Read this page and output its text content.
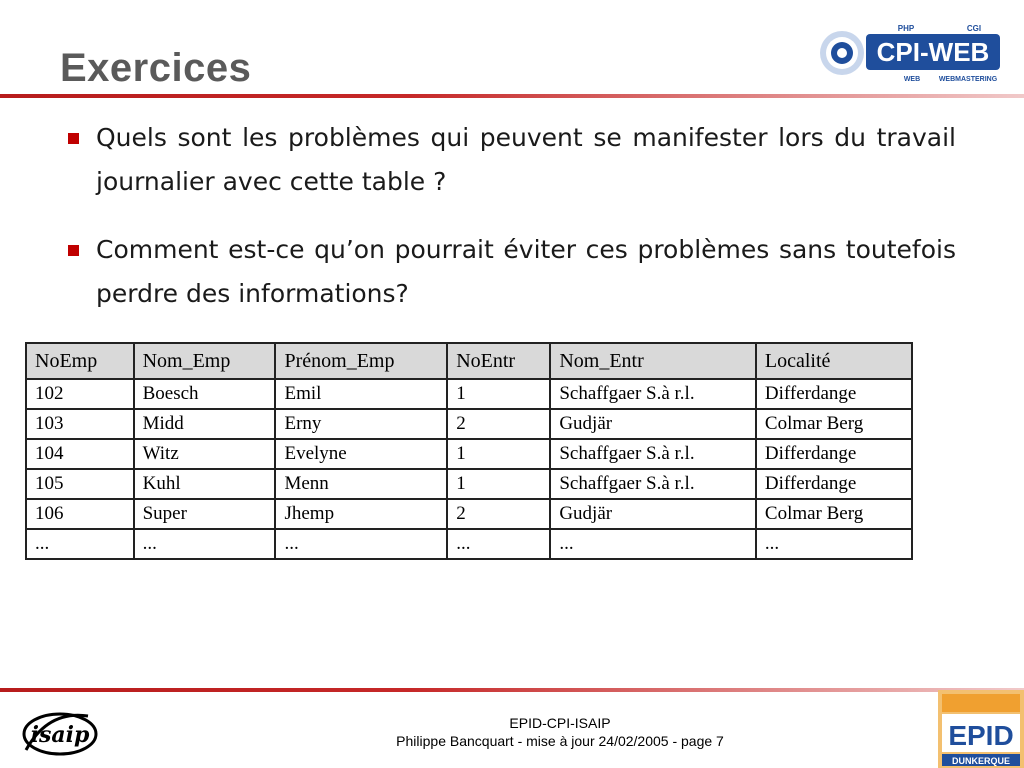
Exercices	CPI-WEB
PHP	CGI
WEB	WEBMASTERING
Quels sont les problèmes qui peuvent se manifester lors du travail journalier avec cette table ?
Comment est-ce qu’on pourrait éviter ces problèmes sans toutefois perdre des informations?
NoEmp	Nom_Emp	Prénom_Emp	NoEntr	Nom_Entr	Localité
102	Boesch	Emil	1	Schaffgaer S.à r.l.	Differdange
103	Midd	Erny	2	Gudjär	Colmar Berg
104	Witz	Evelyne	1	Schaffgaer S.à r.l.	Differdange
105	Kuhl	Menn	1	Schaffgaer S.à r.l.	Differdange
106	Super	Jhemp	2	Gudjär	Colmar Berg
...	...	...	...	...	...
isaip	EPID-CPI-ISAIP
Philippe Bancquart - mise à jour 24/02/2005 - page 7	EPID
DUNKERQUE
